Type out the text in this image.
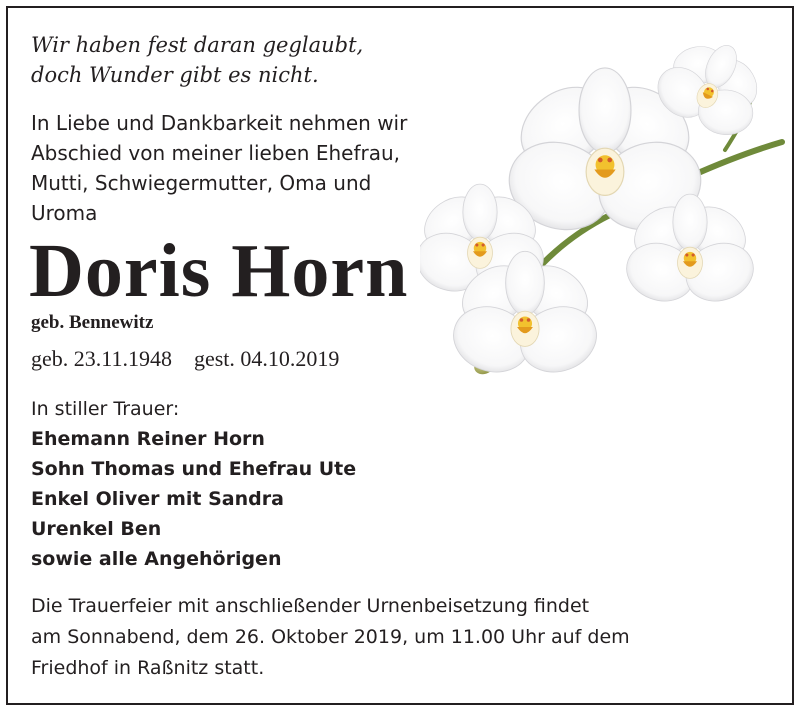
Wir haben fest daran geglaubt,
doch Wunder gibt es nicht.

In Liebe und Dankbarkeit nehmen wir
Abschied von meiner lieben Ehefrau,
Mutti, Schwiegermutter, Oma und
Uroma

Doris Horn

geb. Bennewitz

geb. 23.11.1948 gest. 04.10.2019

In stiller Trauer:

Ehemann Reiner Horn
Sohn Thomas und Ehefrau Ute
Enkel Oliver mit Sandra
Urenkel Ben
sowie alle Angehörigen

Die Trauerfeier mit anschließender Urnenbeisetzung findet
am Sonnabend, dem 26. Oktober 2019, um 11.00 Uhr auf dem
Friedhof in Raßnitz statt.
